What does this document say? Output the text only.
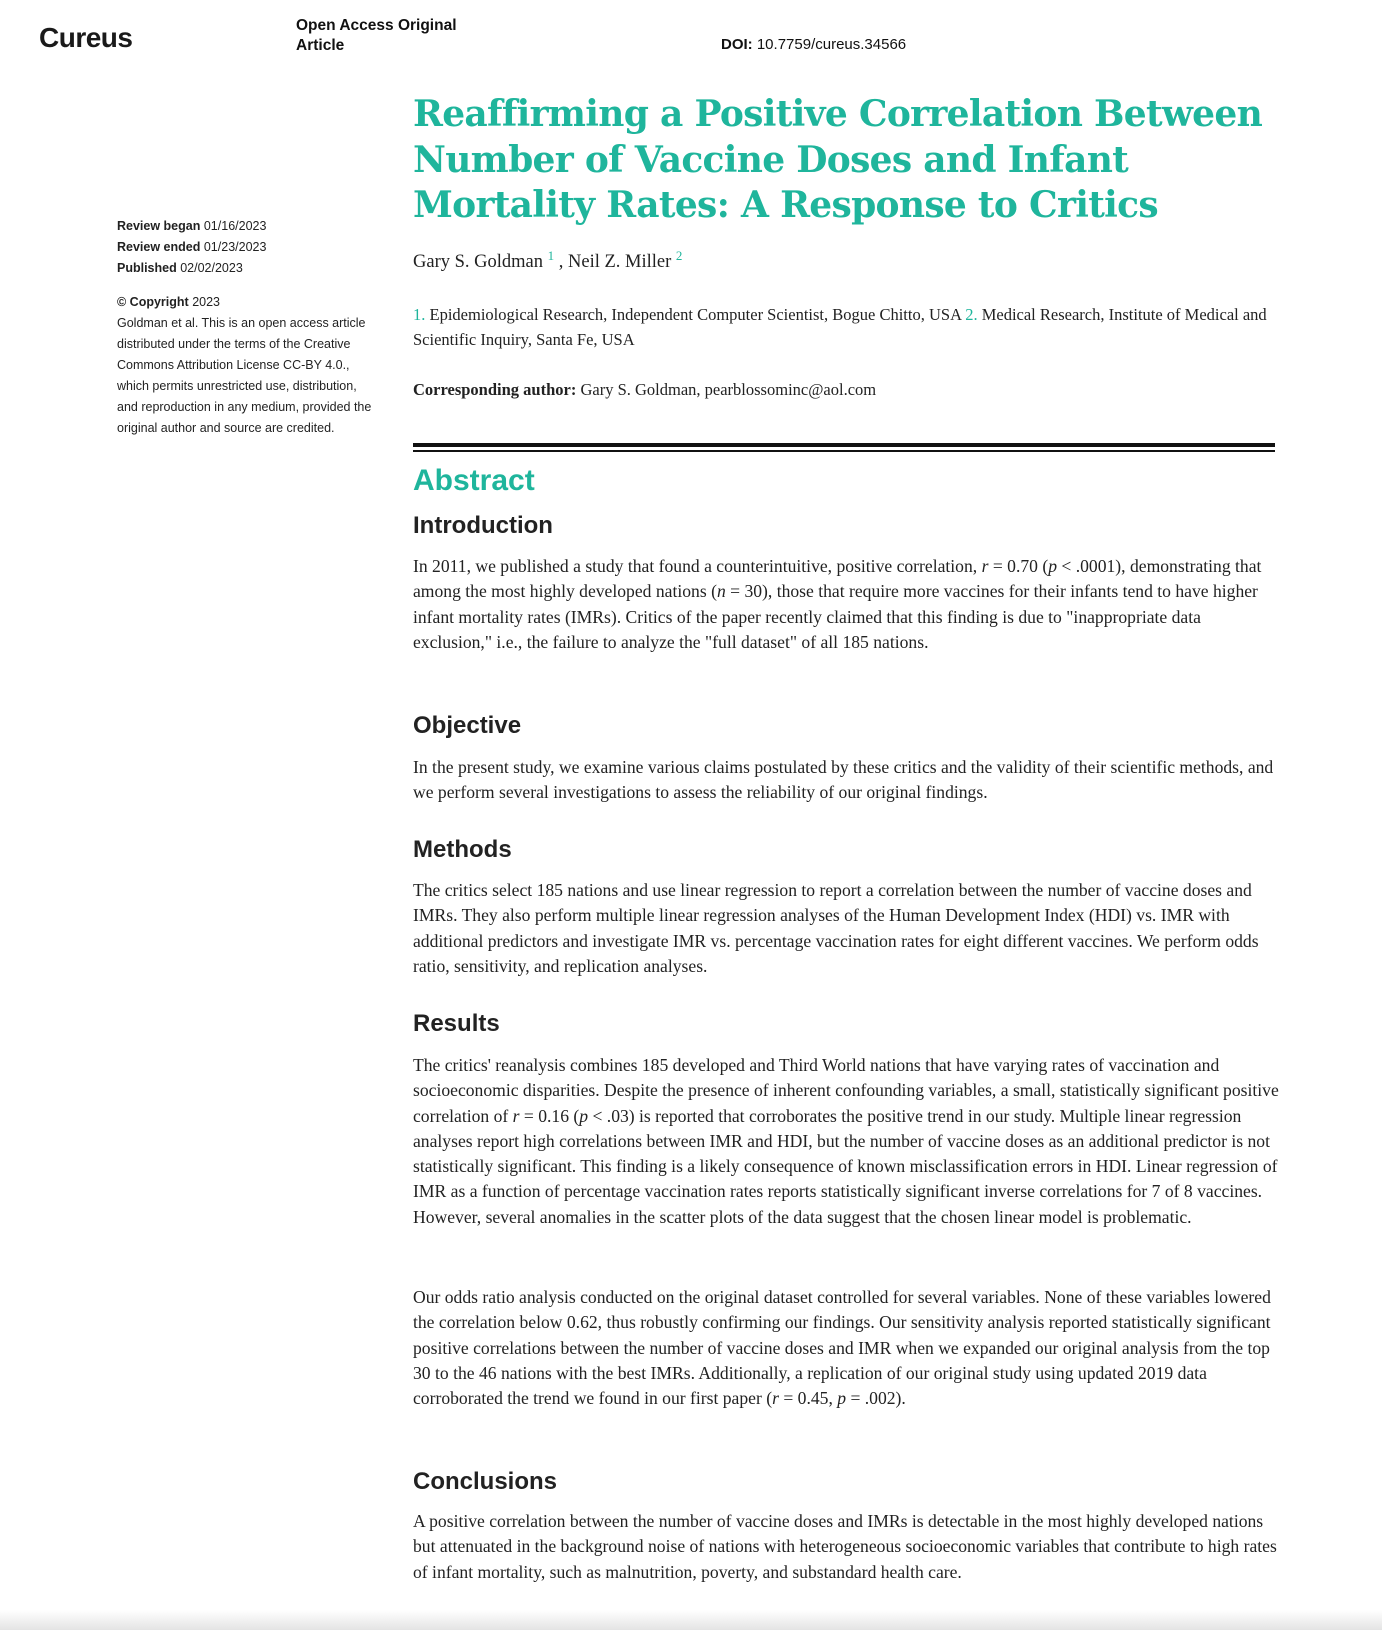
Cureus	Open Access Original Article	DOI: 10.7759/cureus.34566
Review began 01/16/2023
Review ended 01/23/2023
Published 02/02/2023
© Copyright 2023
Goldman et al. This is an open access article distributed under the terms of the Creative Commons Attribution License CC-BY 4.0., which permits unrestricted use, distribution, and reproduction in any medium, provided the original author and source are credited.
Reaffirming a Positive Correlation Between Number of Vaccine Doses and Infant Mortality Rates: A Response to Critics
Gary S. Goldman $^1$ , Neil Z. Miller $^2$
1. Epidemiological Research, Independent Computer Scientist, Bogue Chitto, USA 2. Medical Research, Institute of Medical and Scientific Inquiry, Santa Fe, USA
Corresponding author: Gary S. Goldman, pearblossominc@aol.com
Abstract
Introduction

In 2011, we published a study that found a counterintuitive, positive correlation, r = 0.70 (p < .0001), demonstrating that among the most highly developed nations (n = 30), those that require more vaccines for their infants tend to have higher infant mortality rates (IMRs). Critics of the paper recently claimed that this finding is due to "inappropriate data exclusion," i.e., the failure to analyze the "full dataset" of all 185 nations.

Objective

In the present study, we examine various claims postulated by these critics and the validity of their scientific methods, and we perform several investigations to assess the reliability of our original findings.

Methods

The critics select 185 nations and use linear regression to report a correlation between the number of vaccine doses and IMRs. They also perform multiple linear regression analyses of the Human Development Index (HDI) vs. IMR with additional predictors and investigate IMR vs. percentage vaccination rates for eight different vaccines. We perform odds ratio, sensitivity, and replication analyses.

Results

The critics' reanalysis combines 185 developed and Third World nations that have varying rates of vaccination and socioeconomic disparities. Despite the presence of inherent confounding variables, a small, statistically significant positive correlation of r = 0.16 (p < .03) is reported that corroborates the positive trend in our study. Multiple linear regression analyses report high correlations between IMR and HDI, but the number of vaccine doses as an additional predictor is not statistically significant. This finding is a likely consequence of known misclassification errors in HDI. Linear regression of IMR as a function of percentage vaccination rates reports statistically significant inverse correlations for 7 of 8 vaccines. However, several anomalies in the scatter plots of the data suggest that the chosen linear model is problematic.

Our odds ratio analysis conducted on the original dataset controlled for several variables. None of these variables lowered the correlation below 0.62, thus robustly confirming our findings. Our sensitivity analysis reported statistically significant positive correlations between the number of vaccine doses and IMR when we expanded our original analysis from the top 30 to the 46 nations with the best IMRs. Additionally, a replication of our original study using updated 2019 data corroborated the trend we found in our first paper (r = 0.45, p = .002).

Conclusions

A positive correlation between the number of vaccine doses and IMRs is detectable in the most highly developed nations but attenuated in the background noise of nations with heterogeneous socioeconomic variables that contribute to high rates of infant mortality, such as malnutrition, poverty, and substandard health care.
